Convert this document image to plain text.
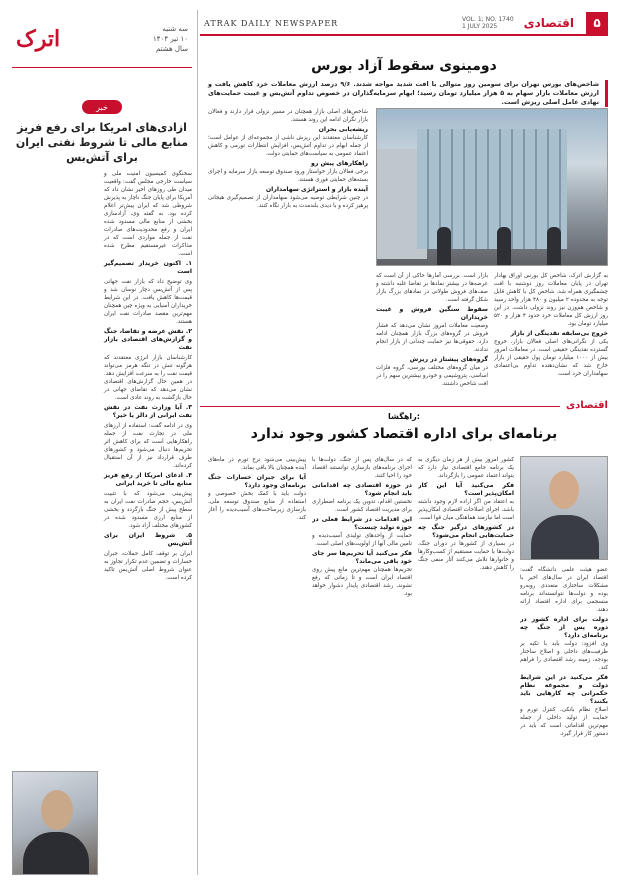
۵
اقتصادی
VOL. 1; NO. 1740
1 JULY 2025
ATRAK DAILY NEWSPAPER
سه شنبه
۱۰ تیر ۱۴۰۴
سال هشتم
اترک
خبر
ازادی‌های امریکا برای رفع فریز منابع مالی تا شروط نفتی ایران برای آتش‌بس

سخنگوی کمیسیون امنیت ملی و سیاست خارجی مجلس گفت: واقعیت میدان طی روزهای اخیر نشان داد که آمریکا برای پایان جنگ ناچار به پذیرش شروطی شد که ایران پیش‌تر اعلام کرده بود. به گفته وی، آزادسازی بخشی از منابع مالی مسدود شده ایران و رفع محدودیت‌های صادرات نفت از جمله مواردی است که در مذاکرات غیرمستقیم مطرح شده است.

۱. اکنون خریدار تصمیم‌گیر است

وی توضیح داد که بازار نفت جهانی پس از آتش‌بس دچار نوسان شد و قیمت‌ها کاهش یافت. در این شرایط خریداران آسیایی به ویژه چین همچنان مهم‌ترین مقصد صادرات نفت ایران هستند.

۲. نقش عرضه و تقاضا، جنگ و گزارش‌های اقتصادی بازار نفت

کارشناسان بازار انرژی معتقدند که هرگونه تنش در تنگه هرمز می‌تواند قیمت نفت را به سرعت افزایش دهد. در همین حال گزارش‌های اقتصادی نشان می‌دهد که تقاضای جهانی در حال بازگشت به روند عادی است.

۳. آیا وزارت نفت در نقش نفت ایرانی از دالر یا خیر؟

وی در ادامه گفت: استفاده از ارزهای ملی در تجارت نفت از جمله راهکارهایی است که برای کاهش اثر تحریم‌ها دنبال می‌شود و کشورهای طرف قرارداد نیز از آن استقبال کرده‌اند.

۴. ادعای امریکا از رفع فریز منابع مالی تا خرید ایرانی

پیش‌بینی می‌شود که با تثبیت آتش‌بس، حجم صادرات نفت ایران به سطح پیش از جنگ بازگردد و بخشی از منابع ارزی مسدود شده در کشورهای مختلف آزاد شود.

۵. شروط ایران برای آتش‌بس

ایران بر توقف کامل حملات، جبران خسارات و تضمین عدم تکرار تجاوز به عنوان شروط اصلی آتش‌بس تاکید کرده است.

دومینوی سقوط آزاد بورس
شاخص‌های بورس تهران برای سومین روز متوالی با افت شدید مواجه شدند. ۹/۶ درصد ارزش معاملات خرد کاهش یافت و ارزش معاملات بازار سهام به ۵ هزار میلیارد تومان رسید؛ ابهام سرمایه‌گذاران در خصوص تداوم آتش‌بس و غیبت حمایت‌های نهادی عامل اصلی ریزش است.

به گزارش اترک، شاخص کل بورس اوراق بهادار تهران در پایان معاملات روز دوشنبه با افت چشمگیری همراه شد. شاخص کل با کاهش قابل توجه به محدوده ۲ میلیون و ۴۸۰ هزار واحد رسید و شاخص هم‌وزن نیز روند نزولی داشت. در این روز ارزش کل معاملات خرد حدود ۴ هزار و ۵۲۰ میلیارد تومان بود.

خروج بی‌سابقه نقدینگی از بازار

یکی از نگرانی‌های اصلی فعالان بازار، خروج گسترده نقدینگی حقیقی است. در معاملات امروز بیش از ۱۰۰۰ میلیارد تومان پول حقیقی از بازار خارج شد که نشان‌دهنده تداوم بی‌اعتمادی سهامداران خرد است.

بازار است. بررسی آمارها حاکی از آن است که عرضه‌ها در بیشتر نمادها بر تقاضا غلبه داشته و صف‌های فروش طولانی در نمادهای بزرگ بازار شکل گرفته است.

سقوط سنگین فروش و غیبت خریداران

وضعیت معاملات امروز نشان می‌دهد که فشار فروش در گروه‌های بزرگ بازار همچنان ادامه دارد. حقوقی‌ها نیز حمایت چندانی از بازار انجام ندادند.

گروه‌های پیشتاز در ریزش

در میان گروه‌های مختلف بورسی، گروه فلزات اساسی، پتروشیمی و خودرو بیشترین سهم را در افت شاخص داشتند.

شاخص‌های اصلی بازار همچنان در مسیر نزولی قرار دارند و فعالان بازار نگران ادامه این روند هستند.

ریشه‌یابی بحران

کارشناسان معتقدند این ریزش ناشی از مجموعه‌ای از عوامل است؛ از جمله ابهام در تداوم آتش‌بس، افزایش انتظارات تورمی و کاهش اعتماد عمومی به سیاست‌های حمایتی دولت.

راهکارهای پیش رو

برخی فعالان بازار خواستار ورود صندوق توسعه بازار سرمایه و اجرای بسته‌های حمایتی فوری هستند.

آینده بازار و استراتژی سهامداران

در چنین شرایطی توصیه می‌شود سهامداران از تصمیم‌گیری هیجانی پرهیز کرده و با دیدی بلندمدت به بازار نگاه کنند.

اقتصادی
راهگشا:
برنامه‌ای برای اداره اقتصاد کشور وجود ندارد

عضو هیئت علمی دانشگاه گفت: اقتصاد ایران در سال‌های اخیر با مشکلات ساختاری متعددی روبه‌رو بوده و دولت‌ها نتوانسته‌اند برنامه منسجمی برای اداره اقتصاد ارائه دهند.

دولت برای اداره کشور در دوره پس از جنگ چه برنامه‌ای دارد؟

وی افزود: دولت باید با تکیه بر ظرفیت‌های داخلی و اصلاح ساختار بودجه، زمینه رشد اقتصادی را فراهم کند.

فکر می‌کنید در این شرایط دولت و مجموعه نظام حکمرانی چه کارهایی باید بکنند؟

اصلاح نظام بانکی، کنترل تورم و حمایت از تولید داخلی از جمله مهم‌ترین اقداماتی است که باید در دستور کار قرار گیرد.

کشور امروز بیش از هر زمان دیگری به یک برنامه جامع اقتصادی نیاز دارد که بتواند اعتماد عمومی را بازگرداند.

فکر می‌کنید آیا این کار امکان‌پذیر است؟

به اعتقاد من اگر اراده لازم وجود داشته باشد، اجرای اصلاحات اقتصادی امکان‌پذیر است اما نیازمند هماهنگی میان قوا است.

در کشورهای درگیر جنگ چه حمایت‌هایی انجام می‌شود؟

در بسیاری از کشورها در دوران جنگ، دولت‌ها با حمایت مستقیم از کسب‌وکارها و خانوارها تلاش می‌کنند آثار منفی جنگ را کاهش دهند.

که در سال‌های پس از جنگ، دولت‌ها با اجرای برنامه‌های بازسازی توانستند اقتصاد خود را احیا کنند.

در حوزه اقتصادی چه اقداماتی باید انجام شود؟

نخستین اقدام، تدوین یک برنامه اضطراری برای مدیریت اقتصاد کشور است.

این اقدامات در شرایط فعلی در حوزه تولید چیست؟

حمایت از واحدهای تولیدی آسیب‌دیده و تامین مالی آنها از اولویت‌های اصلی است.

فکر می‌کنید آیا تحریم‌ها سر جای خود باقی می‌ماند؟

تحریم‌ها همچنان مهم‌ترین مانع پیش روی اقتصاد ایران است و تا زمانی که رفع نشوند، رشد اقتصادی پایدار دشوار خواهد بود.

پیش‌بینی می‌شود نرخ تورم در ماه‌های آینده همچنان بالا باقی بماند.

آیا برای جبران خسارات جنگ برنامه‌ای وجود دارد؟

دولت باید با کمک بخش خصوصی و استفاده از منابع صندوق توسعه ملی، بازسازی زیرساخت‌های آسیب‌دیده را آغاز کند.
